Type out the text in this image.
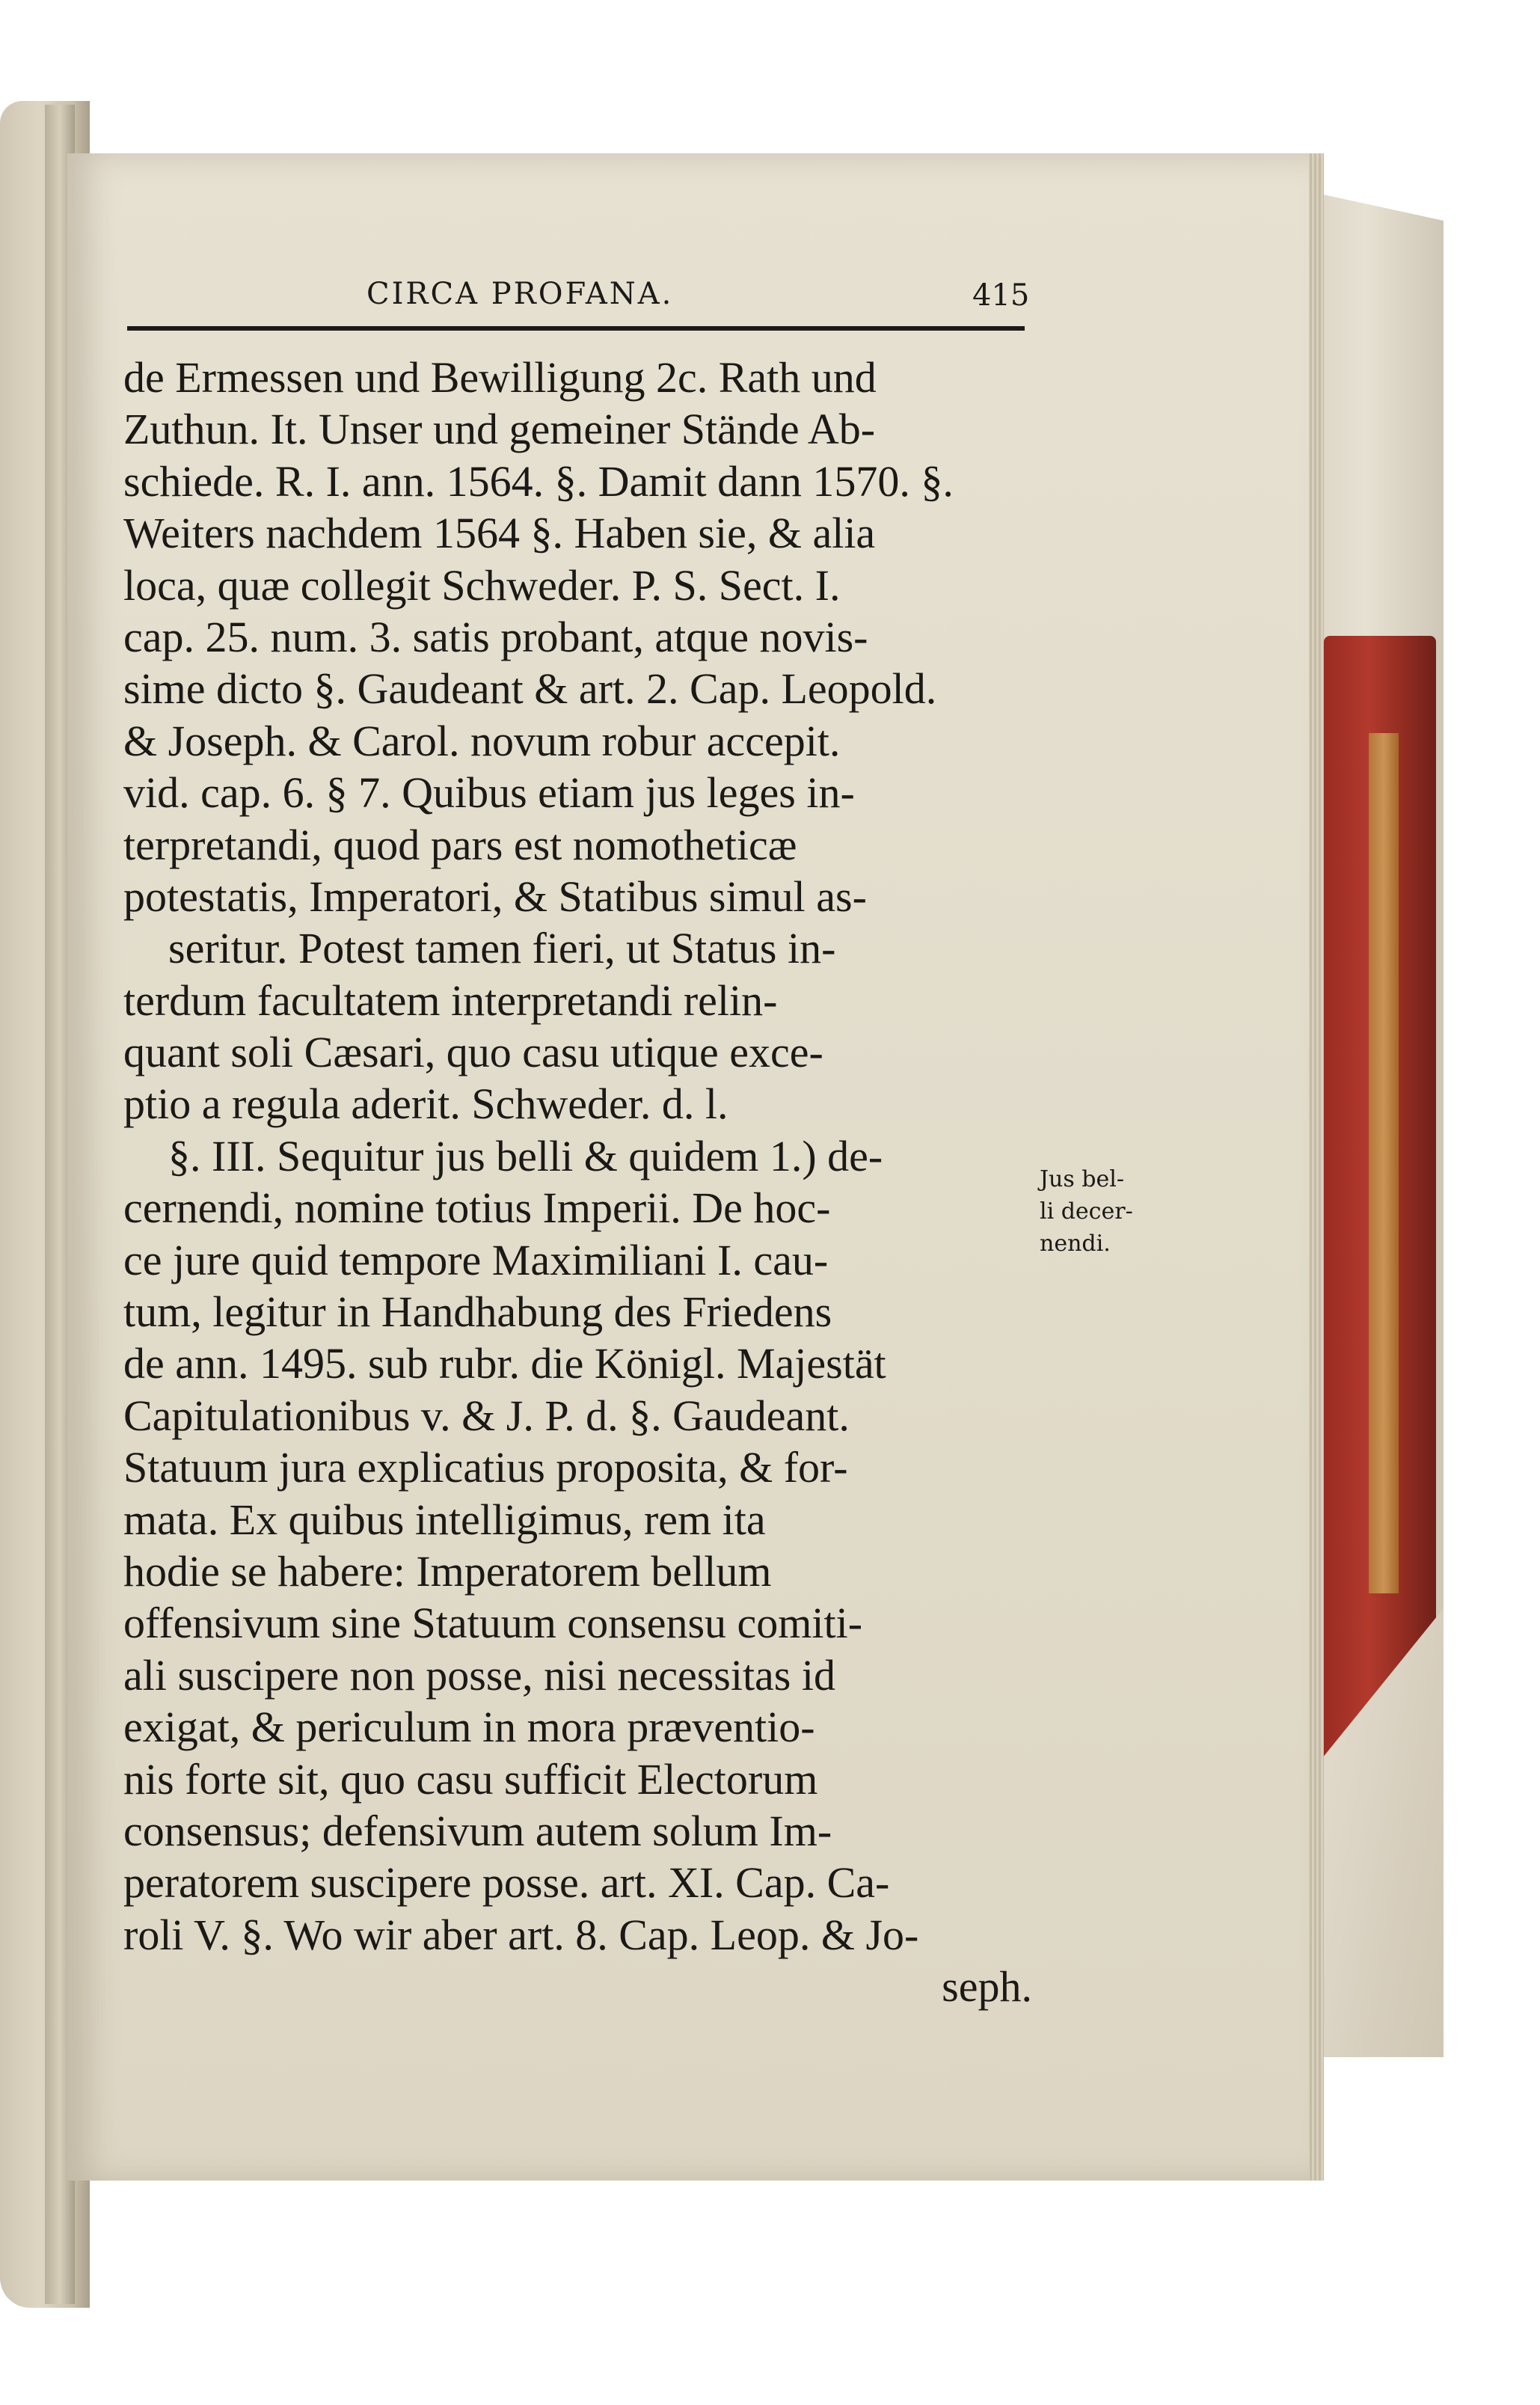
CIRCA PROFANA.	415
de Ermessen und Bewilligung 2c. Rath und
Zuthun. It. Unser und gemeiner Stände Ab-
schiede. R. I. ann. 1564. §. Damit dann 1570. §.
Weiters nachdem 1564 §. Haben sie, & alia
loca, quæ collegit Schweder. P. S. Sect. I.
cap. 25. num. 3. satis probant, atque novis-
sime dicto §. Gaudeant & art. 2. Cap. Leopold.
& Joseph. & Carol. novum robur accepit.
vid. cap. 6. § 7. Quibus etiam jus leges in-
terpretandi, quod pars est nomotheticæ
potestatis, Imperatori, & Statibus simul as-
seritur. Potest tamen fieri, ut Status in-
terdum facultatem interpretandi relin-
quant soli Cæsari, quo casu utique exce-
ptio a regula aderit. Schweder. d. l.
§. III. Sequitur jus belli & quidem 1.) de-
cernendi, nomine totius Imperii. De hoc-
ce jure quid tempore Maximiliani I. cau-
tum, legitur in Handhabung des Friedens
de ann. 1495. sub rubr. die Königl. Majestät
Capitulationibus v. & J. P. d. §. Gaudeant.
Statuum jura explicatius proposita, & for-
mata. Ex quibus intelligimus, rem ita
hodie se habere: Imperatorem bellum
offensivum sine Statuum consensu comiti-
ali suscipere non posse, nisi necessitas id
exigat, & periculum in mora præventio-
nis forte sit, quo casu sufficit Electorum
consensus; defensivum autem solum Im-
peratorem suscipere posse. art. XI. Cap. Ca-
roli V. §. Wo wir aber art. 8. Cap. Leop. & Jo-
seph.
Jus bel-
li decer-
nendi.
